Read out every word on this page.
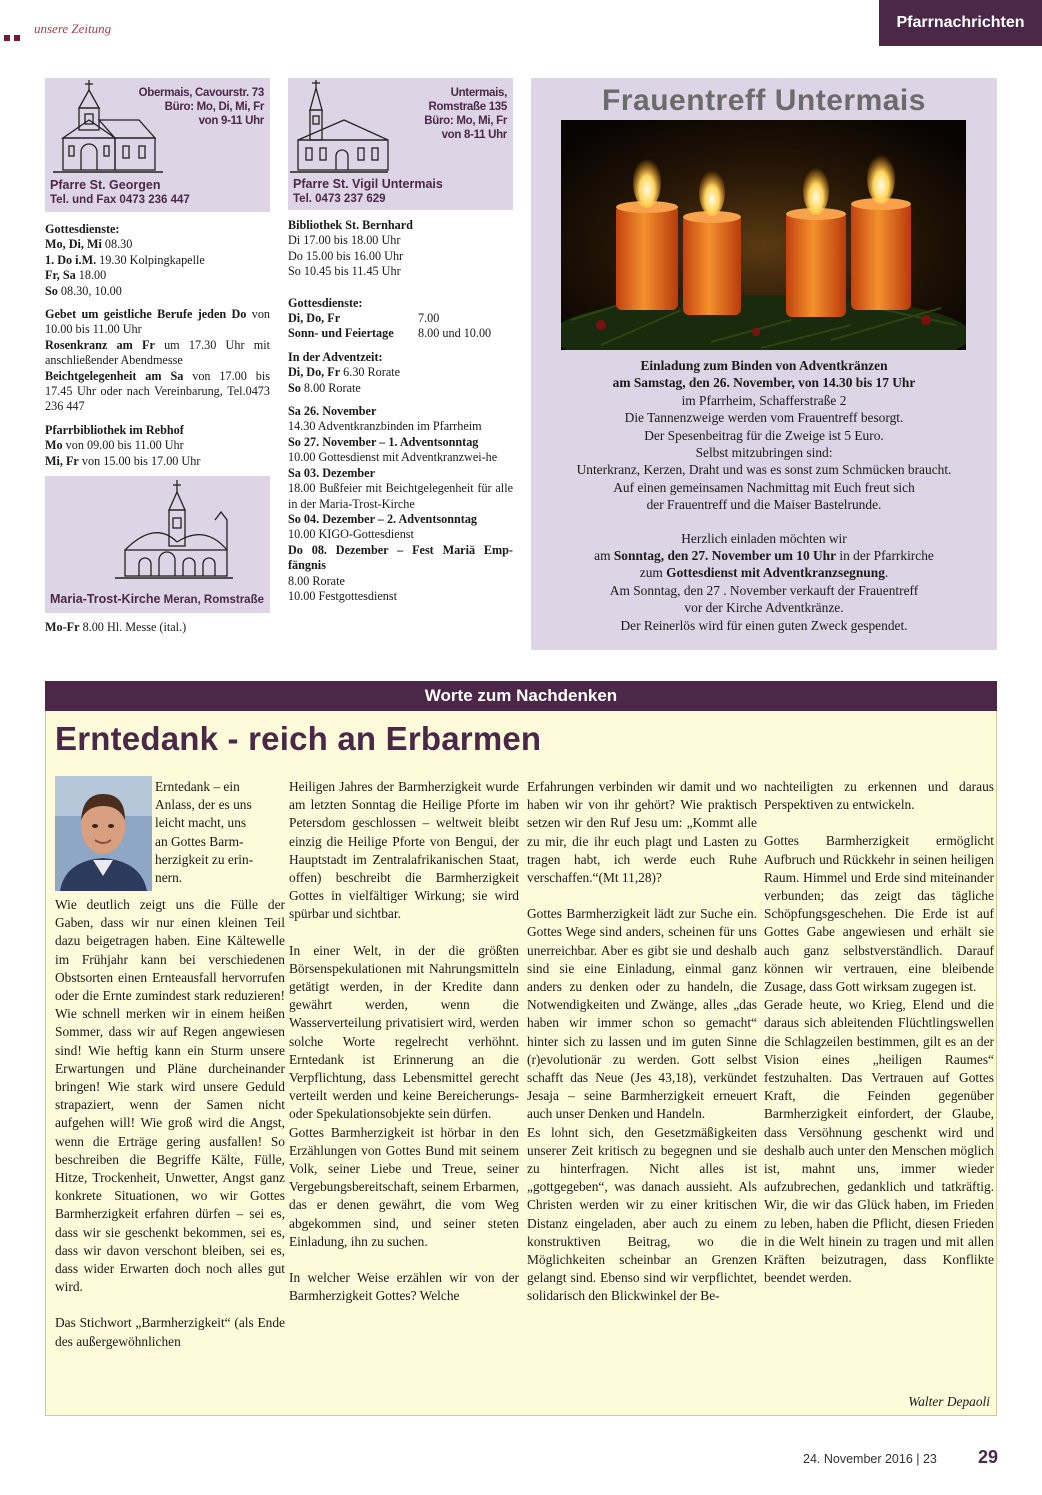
unsere Zeitung	Pfarrnachrichten
Obermais, Cavourstr. 73
Büro: Mo, Di, Mi, Fr
von 9-11 Uhr
Pfarre St. Georgen
Tel. und Fax 0473 236 447

Gottesdienste:

Mo, Di, Mi 08.30

1. Do i.M. 19.30 Kolpingkapelle

Fr, Sa 18.00

So 08.30, 10.00

Gebet um geistliche Berufe jeden Do von 10.00 bis 11.00 Uhr

Rosenkranz am Fr um 17.30 Uhr mit anschließender Abendmesse

Beichtgelegenheit am Sa von 17.00 bis 17.45 Uhr oder nach Vereinbarung, Tel.0473 236 447

Pfarrbibliothek im Rebhof

Mo von 09.00 bis 11.00 Uhr

Mi, Fr von 15.00 bis 17.00 Uhr

Maria-Trost-Kirche Meran, Romstraße
Mo-Fr 8.00 Hl. Messe (ital.)
Untermais,
Romstraße 135
Büro: Mo, Mi, Fr
von 8-11 Uhr
Pfarre St. Vigil Untermais
Tel. 0473 237 629

Bibliothek St. Bernhard

Di 17.00 bis 18.00 Uhr

Do 15.00 bis 16.00 Uhr

So 10.45 bis 11.45 Uhr

Gottesdienste:

Di, Do, Fr	7.00

Sonn- und Feiertage 8.00 und 10.00

In der Adventzeit:

Di, Do, Fr 6.30 Rorate

So 8.00 Rorate

Sa 26. November

14.30 Adventkranzbinden im Pfarrheim

So 27. November – 1. Adventsonntag

10.00 Gottesdienst mit Adventkranzwei-he

Sa 03. Dezember

18.00 Bußfeier mit Beichtgelegenheit für alle in der Maria-Trost-Kirche

So 04. Dezember – 2. Adventsonntag

10.00 KIGO-Gottesdienst

Do 08. Dezember – Fest Mariä Emp-fängnis

8.00 Rorate

10.00 Festgottesdienst

Frauentreff Untermais

Einladung zum Binden von Adventkränzen

am Samstag, den 26. November, von 14.30 bis 17 Uhr

im Pfarrheim, Schafferstraße 2

Die Tannenzweige werden vom Frauentreff besorgt.

Der Spesenbeitrag für die Zweige ist 5 Euro.

Selbst mitzubringen sind:

Unterkranz, Kerzen, Draht und was es sonst zum Schmücken braucht.

Auf einen gemeinsamen Nachmittag mit Euch freut sich

der Frauentreff und die Maiser Bastelrunde.

Herzlich einladen möchten wir

am Sonntag, den 27. November um 10 Uhr in der Pfarrkirche

zum Gottesdienst mit Adventkranzsegnung.

Am Sonntag, den 27 . November verkauft der Frauentreff

vor der Kirche Adventkränze.

Der Reinerlös wird für einen guten Zweck gespendet.

Worte zum Nachdenken
Erntedank - reich an Erbarmen

Erntedank – ein

Anlass, der es uns

leicht macht, uns

an Gottes Barm-

herzigkeit zu erin-

nern.

Wie deutlich zeigt uns die Fülle der Gaben, dass wir nur einen kleinen Teil dazu beigetragen haben. Eine Kältewelle im Frühjahr kann bei verschiedenen Obstsorten einen Ernteausfall hervorrufen oder die Ernte zumindest stark reduzieren! Wie schnell merken wir in einem heißen Sommer, dass wir auf Regen angewiesen sind! Wie heftig kann ein Sturm unsere Erwartungen und Pläne durcheinander bringen! Wie stark wird unsere Geduld strapaziert, wenn der Samen nicht aufgehen will! Wie groß wird die Angst, wenn die Erträge gering ausfallen! So beschreiben die Begriffe Kälte, Fülle, Hitze, Trockenheit, Unwetter, Angst ganz konkrete Situationen, wo wir Gottes Barmherzigkeit erfahren dürfen – sei es, dass wir sie geschenkt bekommen, sei es, dass wir davon verschont bleiben, sei es, dass wider Erwarten doch noch alles gut wird.

Das Stichwort „Barmherzigkeit“ (als Ende des außergewöhnlichen

Heiligen Jahres der Barmherzigkeit wurde am letzten Sonntag die Heilige Pforte im Petersdom geschlossen – weltweit bleibt einzig die Heilige Pforte von Bengui, der Hauptstadt im Zentralafrikanischen Staat, offen) beschreibt die Barmherzigkeit Gottes in vielfältiger Wirkung; sie wird spürbar und sichtbar.

In einer Welt, in der die größten Börsenspekulationen mit Nahrungsmitteln getätigt werden, in der Kredite dann gewährt werden, wenn die Wasserverteilung privatisiert wird, werden solche Worte regelrecht verhöhnt. Erntedank ist Erinnerung an die Verpflichtung, dass Lebensmittel gerecht verteilt werden und keine Bereicherungs- oder Spekulationsobjekte sein dürfen.

Gottes Barmherzigkeit ist hörbar in den Erzählungen von Gottes Bund mit seinem Volk, seiner Liebe und Treue, seiner Vergebungsbereitschaft, seinem Erbarmen, das er denen gewährt, die vom Weg abgekommen sind, und seiner steten Einladung, ihn zu suchen.

In welcher Weise erzählen wir von der Barmherzigkeit Gottes? Welche

Erfahrungen verbinden wir damit und wo haben wir von ihr gehört? Wie praktisch setzen wir den Ruf Jesu um: „Kommt alle zu mir, die ihr euch plagt und Lasten zu tragen habt, ich werde euch Ruhe verschaffen.“(Mt 11,28)?

Gottes Barmherzigkeit lädt zur Suche ein. Gottes Wege sind anders, scheinen für uns unerreichbar. Aber es gibt sie und deshalb sind sie eine Einladung, einmal ganz anders zu denken oder zu handeln, die Notwendigkeiten und Zwänge, alles „das haben wir immer schon so gemacht“ hinter sich zu lassen und im guten Sinne (r)evolutionär zu werden. Gott selbst schafft das Neue (Jes 43,18), verkündet Jesaja – seine Barmherzigkeit erneuert auch unser Denken und Handeln.

Es lohnt sich, den Gesetzmäßigkeiten unserer Zeit kritisch zu begegnen und sie zu hinterfragen. Nicht alles ist „gottgegeben“, was danach aussieht. Als Christen werden wir zu einer kritischen Distanz eingeladen, aber auch zu einem konstruktiven Beitrag, wo die Möglichkeiten scheinbar an Grenzen gelangt sind. Ebenso sind wir verpflichtet, solidarisch den Blickwinkel der Be-

nachteiligten zu erkennen und daraus Perspektiven zu entwickeln.

Gottes Barmherzigkeit ermöglicht Aufbruch und Rückkehr in seinen heiligen Raum. Himmel und Erde sind miteinander verbunden; das zeigt das tägliche Schöpfungsgeschehen. Die Erde ist auf Gottes Gabe angewiesen und erhält sie auch ganz selbstverständlich. Darauf können wir vertrauen, eine bleibende Zusage, dass Gott wirksam zugegen ist.

Gerade heute, wo Krieg, Elend und die daraus sich ableitenden Flüchtlingswellen die Schlagzeilen bestimmen, gilt es an der Vision eines „heiligen Raumes“ festzuhalten. Das Vertrauen auf Gottes Kraft, die Feinden gegenüber Barmherzigkeit einfordert, der Glaube, dass Versöhnung geschenkt wird und deshalb auch unter den Menschen möglich ist, mahnt uns, immer wieder aufzubrechen, gedanklich und tatkräftig. Wir, die wir das Glück haben, im Frieden zu leben, haben die Pflicht, diesen Frieden in die Welt hinein zu tragen und mit allen Kräften beizutragen, dass Konflikte beendet werden.

Walter Depaoli
24. November 2016 | 23 29
